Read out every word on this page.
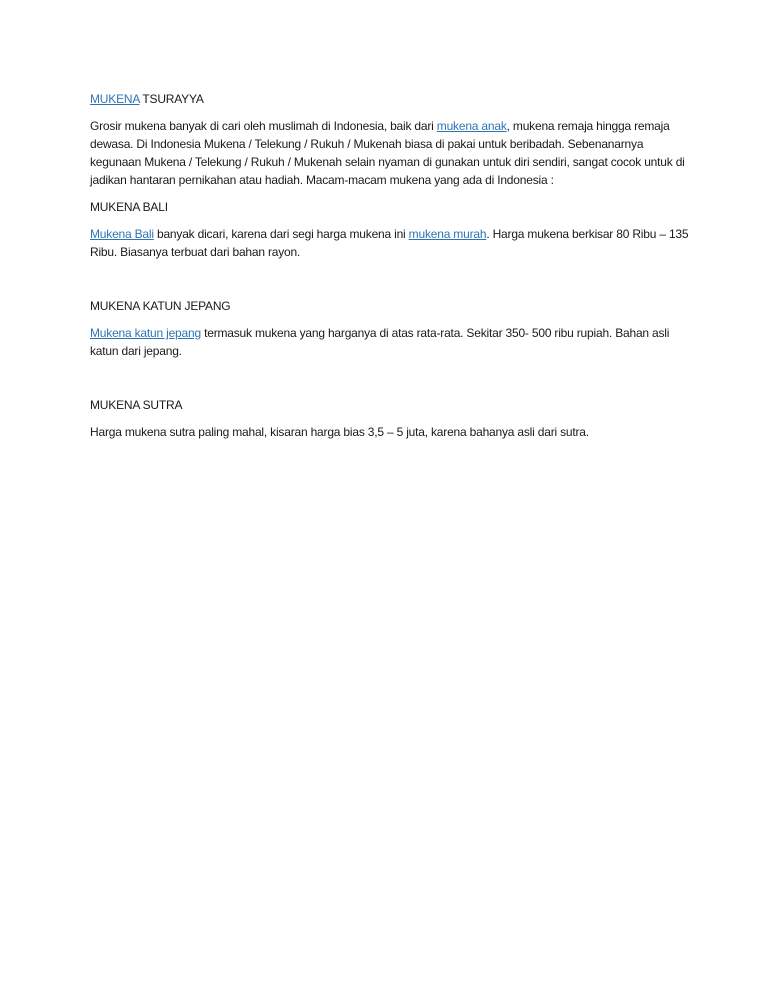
MUKENA TSURAYYA

Grosir mukena banyak di cari oleh muslimah di Indonesia, baik dari mukena anak, mukena remaja hingga remaja dewasa. Di Indonesia Mukena / Telekung / Rukuh / Mukenah biasa di pakai untuk beribadah. Sebenanarnya kegunaan Mukena / Telekung / Rukuh / Mukenah selain nyaman di gunakan untuk diri sendiri, sangat cocok untuk di jadikan hantaran pernikahan atau hadiah. Macam-macam mukena yang ada di Indonesia :

MUKENA BALI

Mukena Bali banyak dicari, karena dari segi harga mukena ini mukena murah. Harga mukena berkisar 80 Ribu – 135 Ribu. Biasanya terbuat dari bahan rayon.

MUKENA KATUN JEPANG

Mukena katun jepang termasuk mukena yang harganya di atas rata-rata. Sekitar 350- 500 ribu rupiah. Bahan asli katun dari jepang.

MUKENA SUTRA

Harga mukena sutra paling mahal, kisaran harga bias 3,5 – 5 juta, karena bahanya asli dari sutra.
